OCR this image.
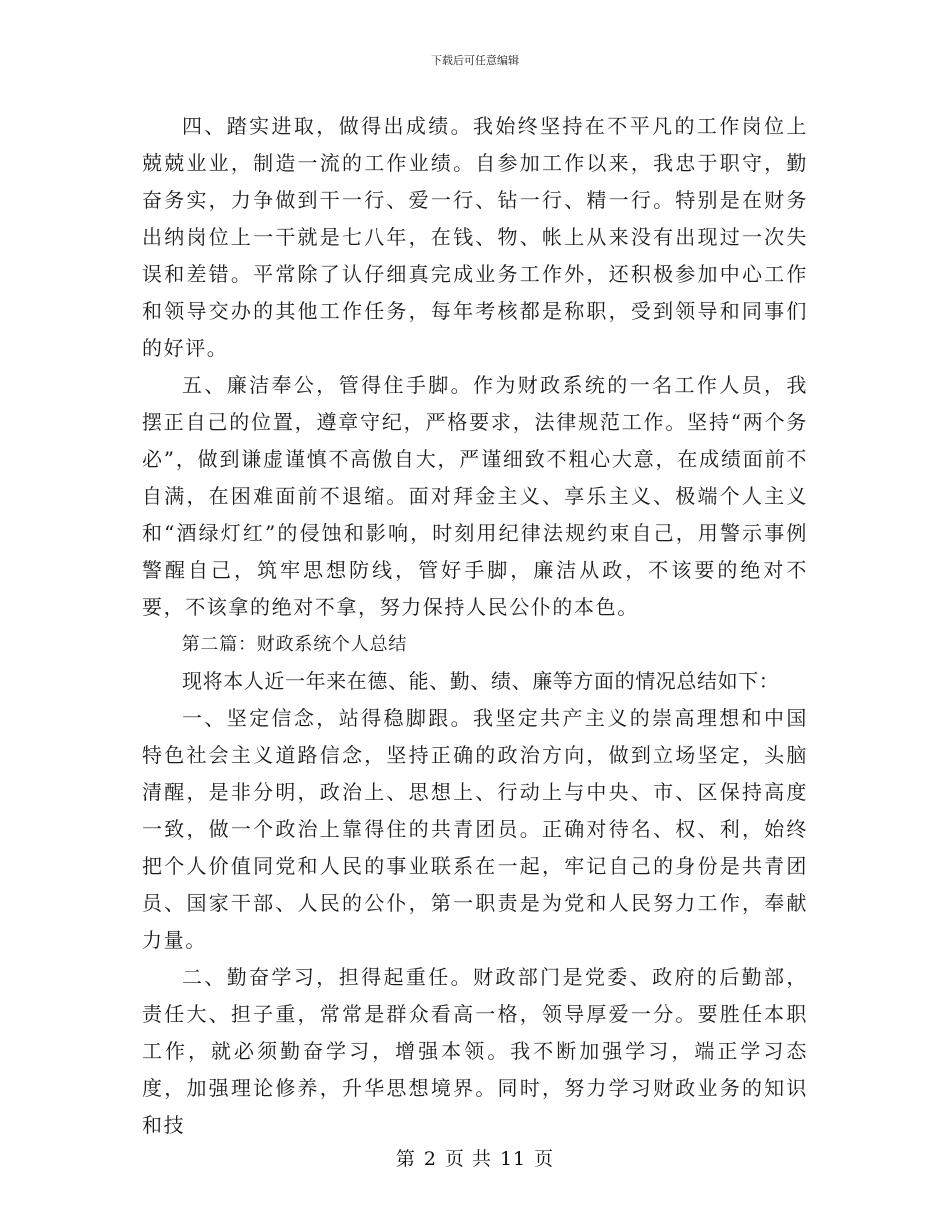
下载后可任意编辑

四、踏实进取，做得出成绩。我始终坚持在不平凡的工作岗位上兢兢业业，制造一流的工作业绩。自参加工作以来，我忠于职守，勤奋务实，力争做到干一行、爱一行、钻一行、精一行。特别是在财务出纳岗位上一干就是七八年，在钱、物、帐上从来没有出现过一次失误和差错。平常除了认仔细真完成业务工作外，还积极参加中心工作和领导交办的其他工作任务，每年考核都是称职，受到领导和同事们的好评。

五、廉洁奉公，管得住手脚。作为财政系统的一名工作人员，我摆正自己的位置，遵章守纪，严格要求，法律规范工作。坚持“两个务必”，做到谦虚谨慎不高傲自大，严谨细致不粗心大意，在成绩面前不自满，在困难面前不退缩。面对拜金主义、享乐主义、极端个人主义和“酒绿灯红”的侵蚀和影响，时刻用纪律法规约束自己，用警示事例警醒自己，筑牢思想防线，管好手脚，廉洁从政，不该要的绝对不要，不该拿的绝对不拿，努力保持人民公仆的本色。

第二篇：财政系统个人总结

现将本人近一年来在德、能、勤、绩、廉等方面的情况总结如下：

一、坚定信念，站得稳脚跟。我坚定共产主义的崇高理想和中国特色社会主义道路信念，坚持正确的政治方向，做到立场坚定，头脑清醒，是非分明，政治上、思想上、行动上与中央、市、区保持高度一致，做一个政治上靠得住的共青团员。正确对待名、权、利，始终把个人价值同党和人民的事业联系在一起，牢记自己的身份是共青团员、国家干部、人民的公仆，第一职责是为党和人民努力工作，奉献力量。

二、勤奋学习，担得起重任。财政部门是党委、政府的后勤部，责任大、担子重，常常是群众看高一格，领导厚爱一分。要胜任本职工作，就必须勤奋学习，增强本领。我不断加强学习，端正学习态度，加强理论修养，升华思想境界。同时，努力学习财政业务的知识和技

第 2 页 共 11 页
